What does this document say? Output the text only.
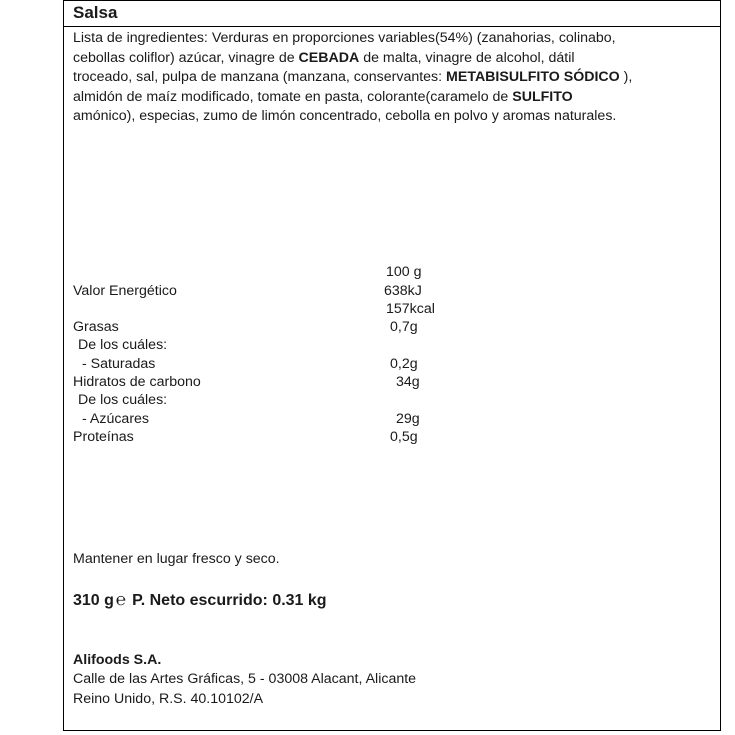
Salsa
Lista de ingredientes: Verduras en proporciones variables(54%) (zanahorias, colinabo, cebollas coliflor) azúcar, vinagre de CEBADA de malta, vinagre de alcohol, dátil troceado, sal, pulpa de manzana (manzana, conservantes: METABISULFITO SÓDICO ), almidón de maíz modificado, tomate en pasta, colorante(caramelo de SULFITO amónico), especias, zumo de limón concentrado, cebolla en polvo y aromas naturales.
100 g
Valor Energético	638kJ
157kcal
Grasas	0,7g
De los cuáles:
- Saturadas	0,2g
Hidratos de carbono	34g
De los cuáles:
- Azúcares	29g
Proteínas	0,5g
Mantener en lugar fresco y seco.
310 g ℮ P. Neto escurrido: 0.31 kg
Alifoods S.A.
Calle de las Artes Gráficas, 5 - 03008 Alacant, Alicante
Reino Unido, R.S. 40.10102/A
